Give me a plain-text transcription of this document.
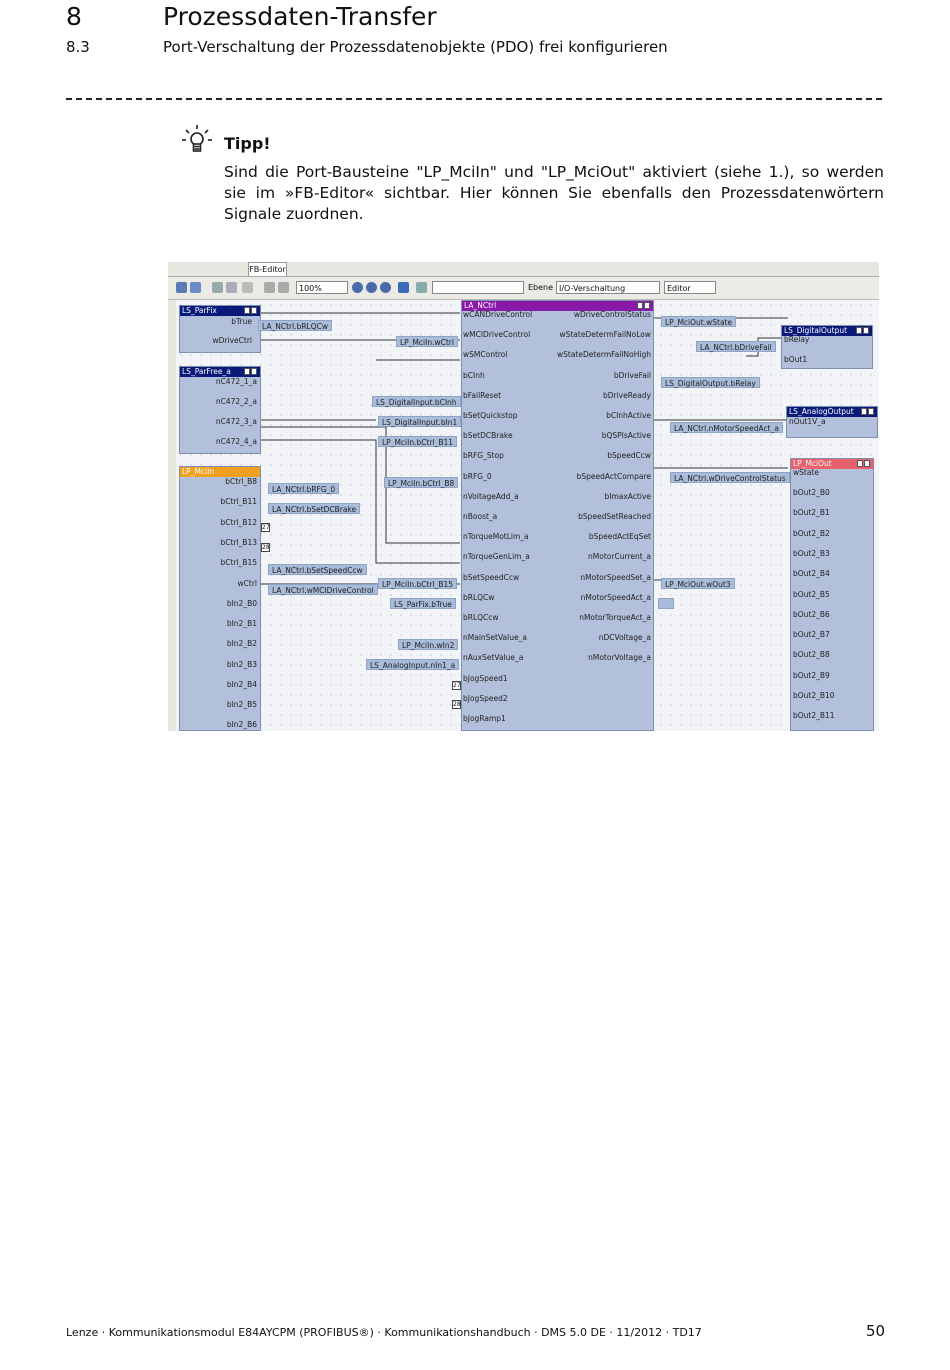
8	Prozessdaten-Transfer
8.3	Port-Verschaltung der Prozessdatenobjekte (PDO) frei konfigurieren
Tipp!
Sind die Port-Bausteine "LP_MciIn" und "LP_MciOut" aktiviert (siehe 1.), so werden sie im »FB-Editor« sichtbar. Hier können Sie ebenfalls den Prozessdatenwörtern Signale zuordnen.
FB-Editor
100%	Ebene I/O-Verschaltung	Editor
LS_ParFix
bTrue
wDriveCtrl
LS_ParFree_a
nC472_1_a
nC472_2_a
nC472_3_a
nC472_4_a
LP_MciIn
bCtrl_B8
bCtrl_B11
bCtrl_B12
bCtrl_B13
bCtrl_B15
wCtrl
bIn2_B0
bIn2_B1
bIn2_B2
bIn2_B3
bIn2_B4
bIn2_B5
bIn2_B6
LA_NCtrl
wCANDriveControl
wMCIDriveControl
wSMControl
bCInh
bFailReset
bSetQuickstop
bSetDCBrake
bRFG_Stop
bRFG_0
nVoltageAdd_a
nBoost_a
nTorqueMotLim_a
nTorqueGenLim_a
bSetSpeedCcw
bRLQCw
bRLQCcw
nMainSetValue_a
nAuxSetValue_a
bJogSpeed1
bJogSpeed2
bJogRamp1
wDriveControlStatus
wStateDetermFailNoLow
wStateDetermFailNoHigh
bDriveFail
bDriveReady
bCInhActive
bQSPIsActive
bSpeedCcw
bSpeedActCompare
bImaxActive
bSpeedSetReached
bSpeedActEqSet
nMotorCurrent_a
nMotorSpeedSet_a
nMotorSpeedAct_a
nMotorTorqueAct_a
nDCVoltage_a
nMotorVoltage_a
LS_DigitalOutput
bRelay
bOut1
LS_AnalogOutput
nOut1V_a
LP_MciOut
wState
bOut2_B0
bOut2_B1
bOut2_B2
bOut2_B3
bOut2_B4
bOut2_B5
bOut2_B6
bOut2_B7
bOut2_B8
bOut2_B9
bOut2_B10
bOut2_B11
LA_NCtrl.bRLQCw
LP_MciIn.wCtrl
LS_DigitalInput.bCInh
LS_DigitalInput.bIn1
LP_MciIn.bCtrl_B11
LP_MciIn.bCtrl_B8
LA_NCtrl.bRFG_0
LA_NCtrl.bSetDCBrake
LA_NCtrl.bSetSpeedCcw
LA_NCtrl.wMCIDriveControl
LP_MciIn.bCtrl_B15
LS_ParFix.bTrue
LP_MciIn.wIn2
LS_AnalogInput.nIn1_a
LP_MciOut.wState
LA_NCtrl.bDriveFail
LS_DigitalOutput.bRelay
LA_NCtrl.nMotorSpeedAct_a
LA_NCtrl.wDriveControlStatus
LP_MciOut.wOut3
27
28
27
28
Lenze · Kommunikationsmodul E84AYCPM (PROFIBUS®) · Kommunikationshandbuch · DMS 5.0 DE · 11/2012 · TD17	50
